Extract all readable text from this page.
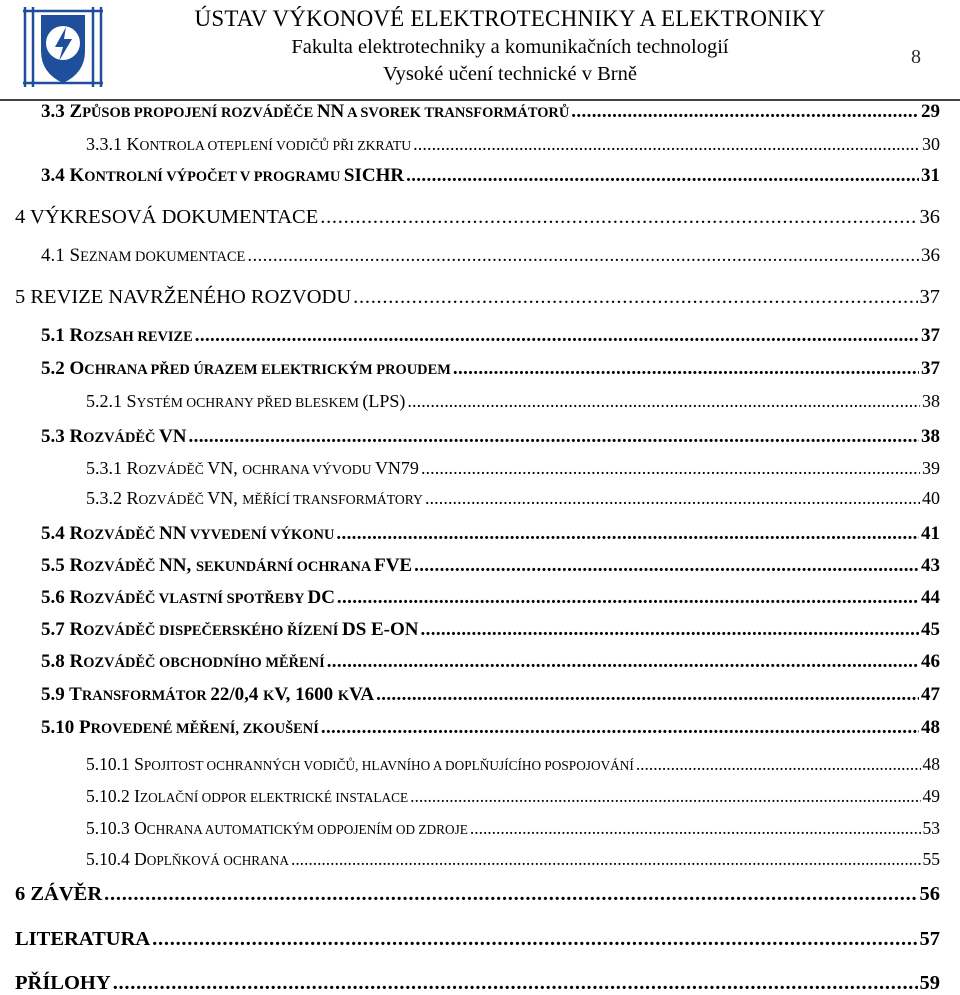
ÚSTAV VÝKONOVÉ ELEKTROTECHNIKY A ELEKTRONIKY
Fakulta elektrotechniky a komunikačních technologií
Vysoké učení technické v Brně
8
3.3 ZPŮSOB PROPOJENÍ ROZVÁDĚČE NN A SVOREK TRANSFORMÁTORŮ . . .	29
3.3.1 KONTROLA OTEPLENÍ VODIČŮ PŘI ZKRATU . . .	30
3.4 KONTROLNÍ VÝPOČET V PROGRAMU SICHR . . .	31
4 VÝKRESOVÁ DOKUMENTACE . . .	36
4.1 SEZNAM DOKUMENTACE . . .	36
5 REVIZE NAVRŽENÉHO ROZVODU . . .	37
5.1 ROZSAH REVIZE . . .	37
5.2 OCHRANA PŘED ÚRAZEM ELEKTRICKÝM PROUDEM . . .	37
5.2.1 SYSTÉM OCHRANY PŘED BLESKEM (LPS) . . .	38
5.3 ROZVÁDĚČ VN . . .	38
5.3.1 ROZVÁDĚČ VN, OCHRANA VÝVODU VN79 . . .	39
5.3.2 ROZVÁDĚČ VN, MĚŘÍCÍ TRANSFORMÁTORY . . .	40
5.4 ROZVÁDĚČ NN VYVEDENÍ VÝKONU . . .	41
5.5 ROZVÁDĚČ NN, SEKUNDÁRNÍ OCHRANA FVE . . .	43
5.6 ROZVÁDĚČ VLASTNÍ SPOTŘEBY DC . . .	44
5.7 ROZVÁDĚČ DISPEČERSKÉHO ŘÍZENÍ DS E-ON . . .	45
5.8 ROZVÁDĚČ OBCHODNÍHO MĚŘENÍ . . .	46
5.9 TRANSFORMÁTOR 22/0,4 KV, 1600 KVA . . .	47
5.10 PROVEDENÉ MĚŘENÍ, ZKOUŠENÍ . . .	48
5.10.1 SPOJITOST OCHRANNÝCH VODIČŮ, HLAVNÍHO A DOPLŇUJÍCÍHO POSPOJOVÁNÍ . . .	48
5.10.2 IZOLAČNÍ ODPOR ELEKTRICKÉ INSTALACE . . .	49
5.10.3 OCHRANA AUTOMATICKÝM ODPOJENÍM OD ZDROJE . . .	53
5.10.4 DOPLŇKOVÁ OCHRANA . . .	55
6 ZÁVĚR . . .	56
LITERATURA . . .	57
PŘÍLOHY . . .	59
